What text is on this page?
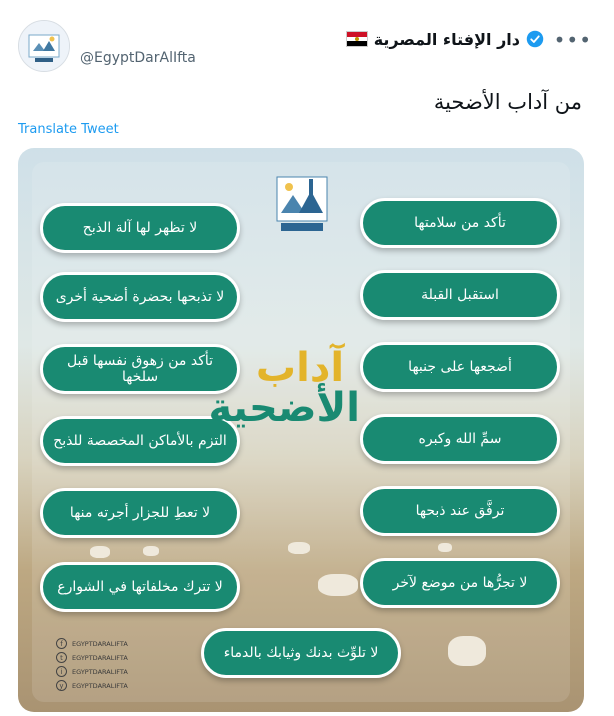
دار الإفتاء المصرية
@EgyptDarAlIfta
•••
من آداب الأضحية
Translate Tweet
تأكد من سلامتها
استقبل القبلة
أضجعها على جنبها
سمِّ الله وكبره
ترفَّق عند ذبحها
لا تجرُّها من موضع لآخر
لا تظهر لها آلة الذبح
لا تذبحها بحضرة أضحية أخرى
تأكد من زهوق نفسها قبل سلخها
التزم بالأماكن المخصصة للذبح
لا تعطِ للجزار أجرته منها
لا تترك مخلفاتها في الشوارع
آداب
الأضحية
لا تلوِّث بدنك وثيابك بالدماء
f	EGYPTDARALIFTA
t	EGYPTDARALIFTA
i	EGYPTDARALIFTA
y	EGYPTDARALIFTA
